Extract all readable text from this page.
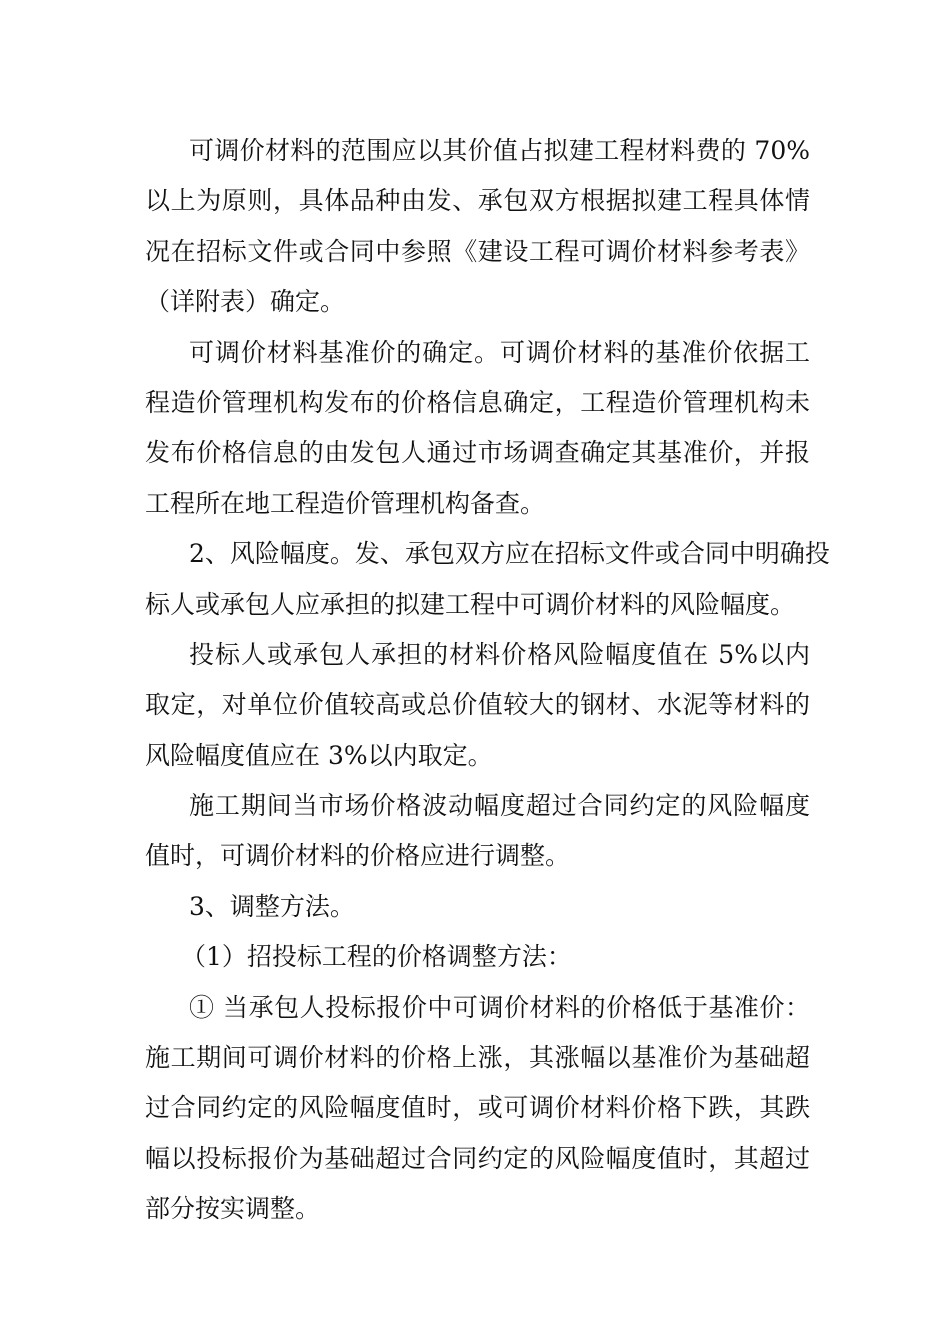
可调价材料的范围应以其价值占拟建工程材料费的 70%
以上为原则，具体品种由发、承包双方根据拟建工程具体情
况在招标文件或合同中参照《建设工程可调价材料参考表》
（详附表）确定。
可调价材料基准价的确定。可调价材料的基准价依据工
程造价管理机构发布的价格信息确定，工程造价管理机构未
发布价格信息的由发包人通过市场调查确定其基准价，并报
工程所在地工程造价管理机构备查。
2、风险幅度。发、承包双方应在招标文件或合同中明确投
标人或承包人应承担的拟建工程中可调价材料的风险幅度。
投标人或承包人承担的材料价格风险幅度值在 5%以内
取定，对单位价值较高或总价值较大的钢材、水泥等材料的
风险幅度值应在 3%以内取定。
施工期间当市场价格波动幅度超过合同约定的风险幅度
值时，可调价材料的价格应进行调整。
3、调整方法。
（1）招投标工程的价格调整方法：
① 当承包人投标报价中可调价材料的价格低于基准价：
施工期间可调价材料的价格上涨，其涨幅以基准价为基础超
过合同约定的风险幅度值时，或可调价材料价格下跌，其跌
幅以投标报价为基础超过合同约定的风险幅度值时，其超过
部分按实调整。
